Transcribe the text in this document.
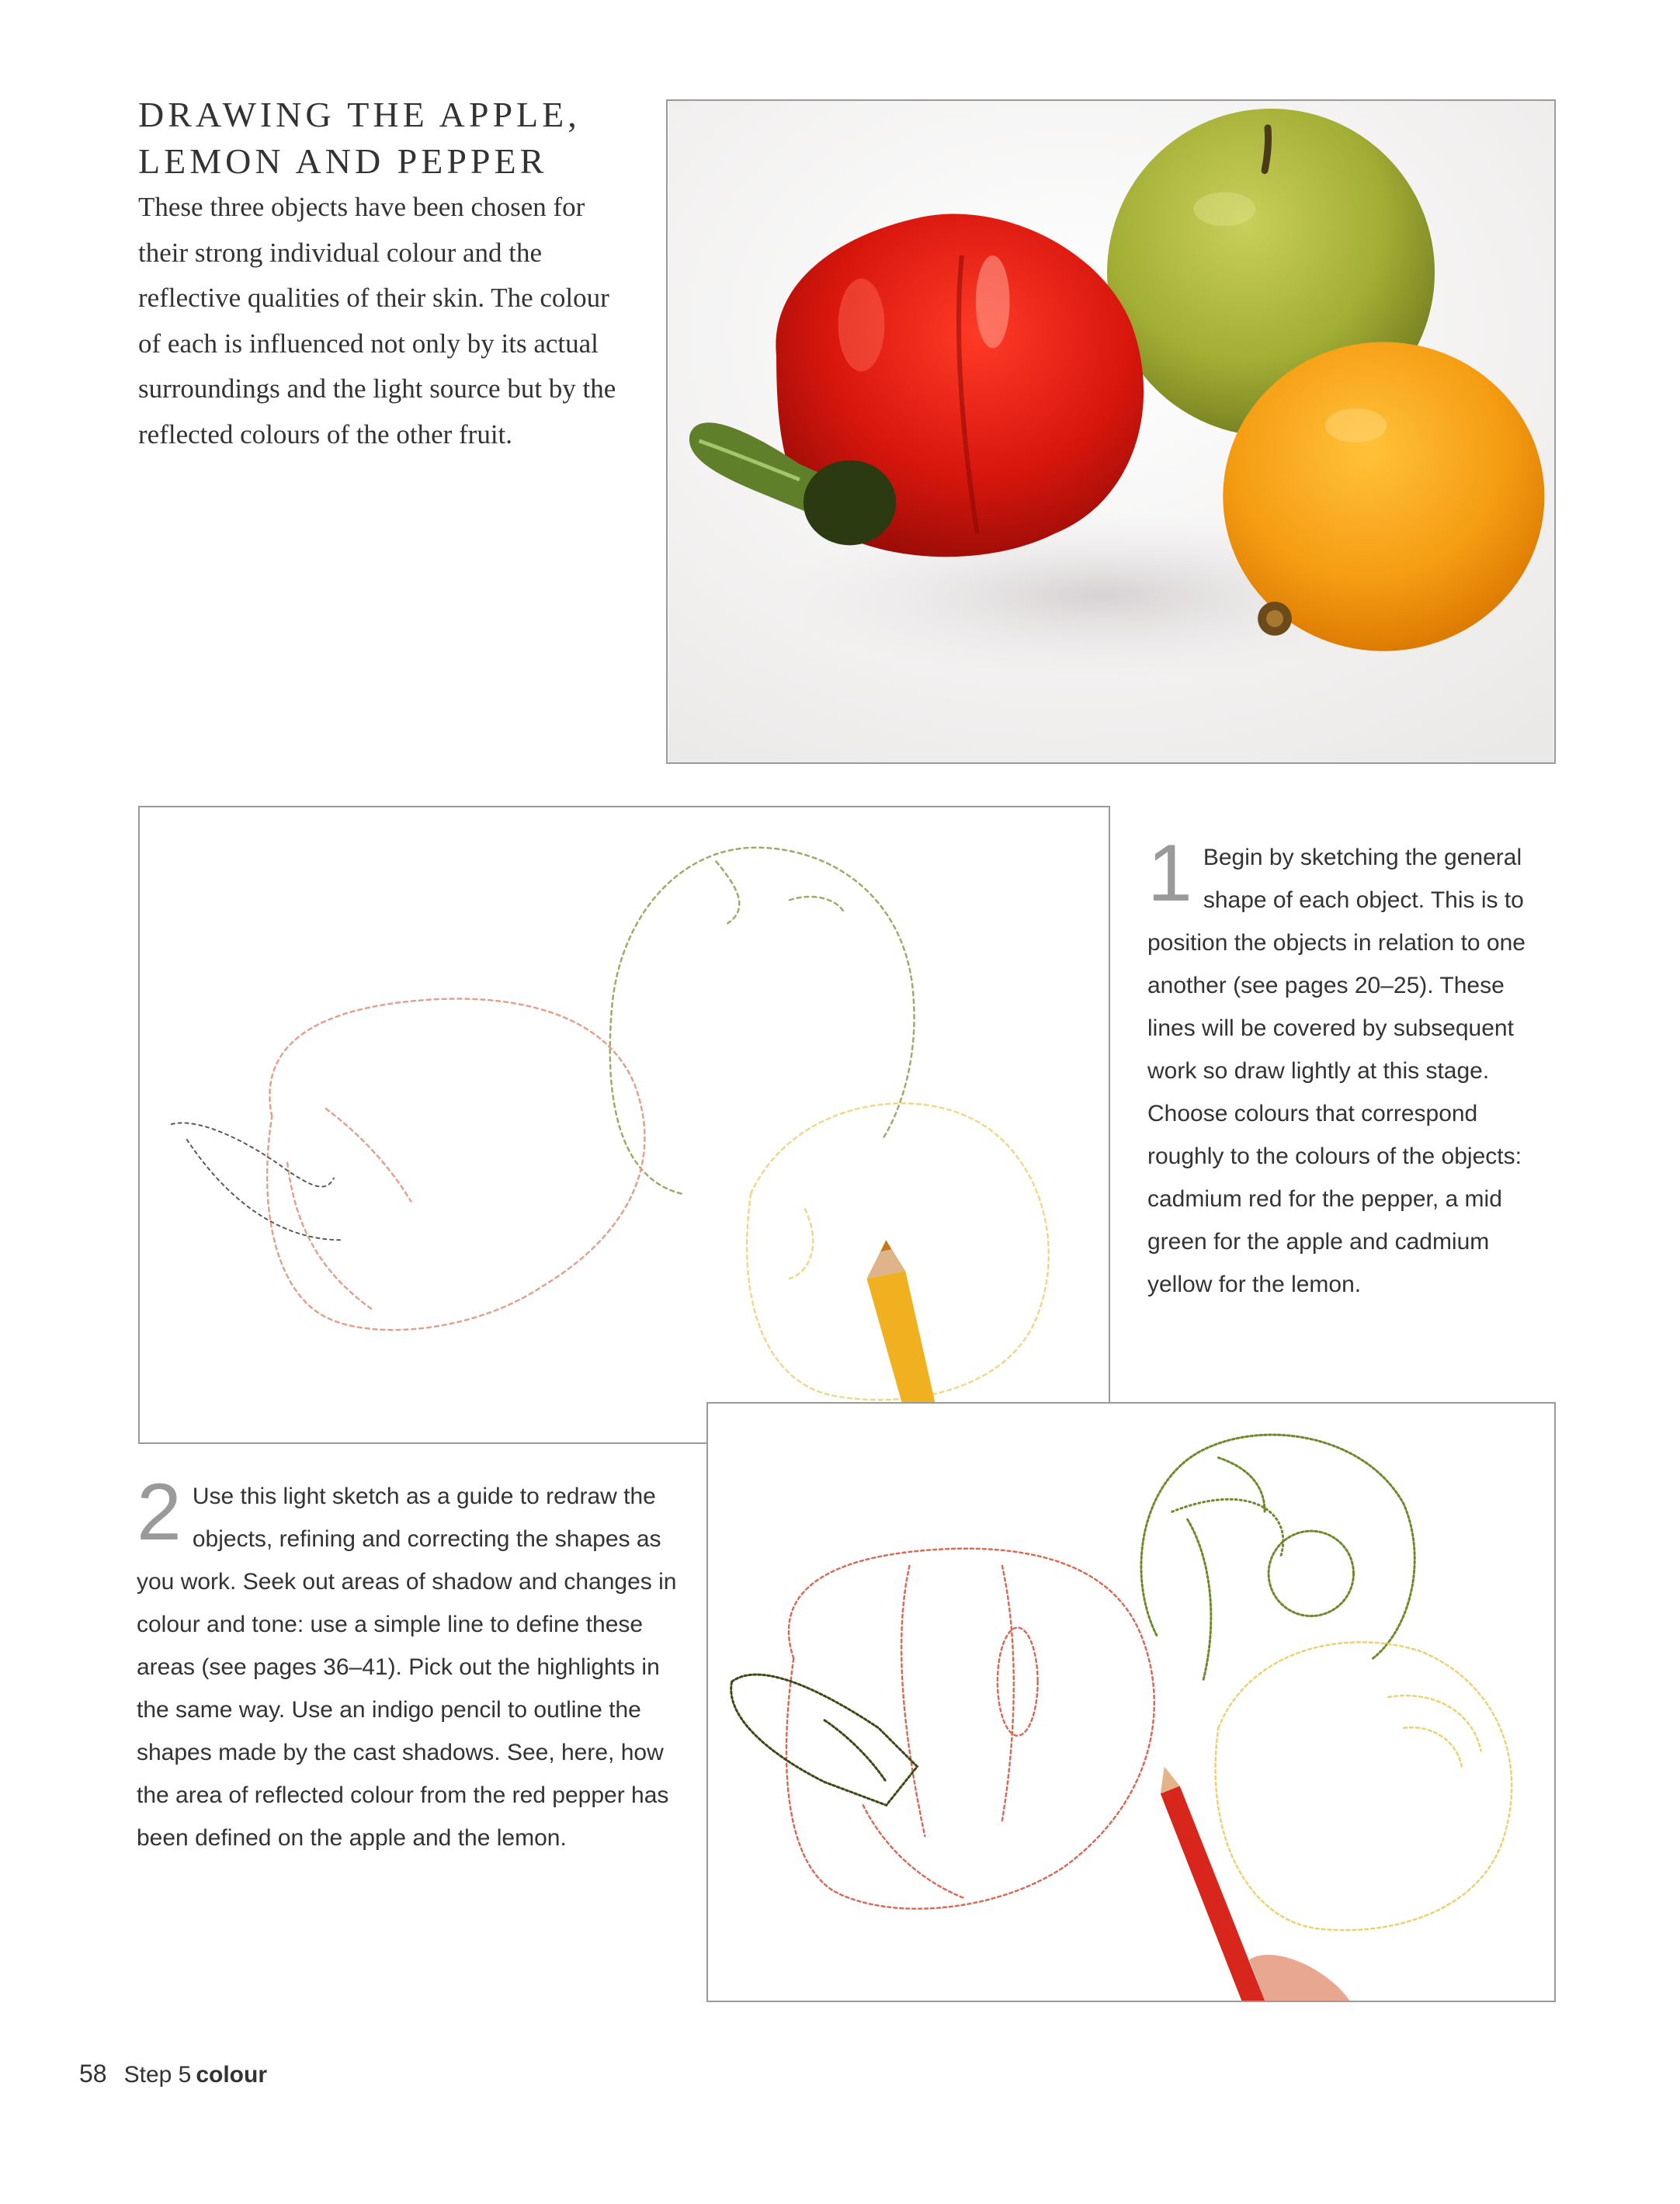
DRAWING THE APPLE, LEMON AND PEPPER

These three objects have been chosen for their strong individual colour and the reflective qualities of their skin. The colour of each is influenced not only by its actual surroundings and the light source but by the reflected colours of the other fruit.

1 Begin by sketching the general shape of each object. This is to position the objects in relation to one another (see pages 20–25). These lines will be covered by subsequent work so draw lightly at this stage. Choose colours that correspond roughly to the colours of the objects: cadmium red for the pepper, a mid green for the apple and cadmium yellow for the lemon.

2 Use this light sketch as a guide to redraw the objects, refining and correcting the shapes as you work. Seek out areas of shadow and changes in colour and tone: use a simple line to define these areas (see pages 36–41). Pick out the highlights in the same way. Use an indigo pencil to outline the shapes made by the cast shadows. See, here, how the area of reflected colour from the red pepper has been defined on the apple and the lemon.

58 Step 5 colour
